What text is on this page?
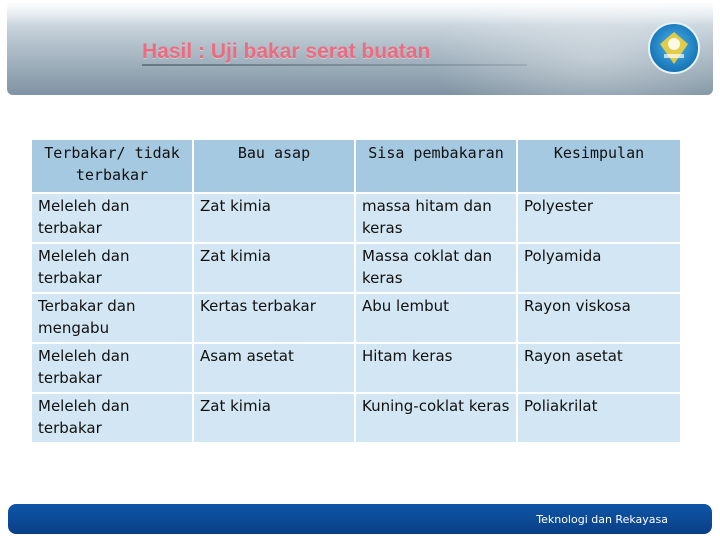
Hasil : Uji bakar serat buatan
Terbakar/ tidak terbakar	Bau asap	Sisa pembakaran	Kesimpulan
Meleleh dan terbakar	Zat kimia	massa hitam dan keras	Polyester
Meleleh dan terbakar	Zat kimia	Massa coklat dan keras	Polyamida
Terbakar dan mengabu	Kertas terbakar	Abu lembut	Rayon viskosa
Meleleh dan terbakar	Asam asetat	Hitam keras	Rayon asetat
Meleleh dan terbakar	Zat kimia	Kuning-coklat keras	Poliakrilat
Teknologi dan Rekayasa
